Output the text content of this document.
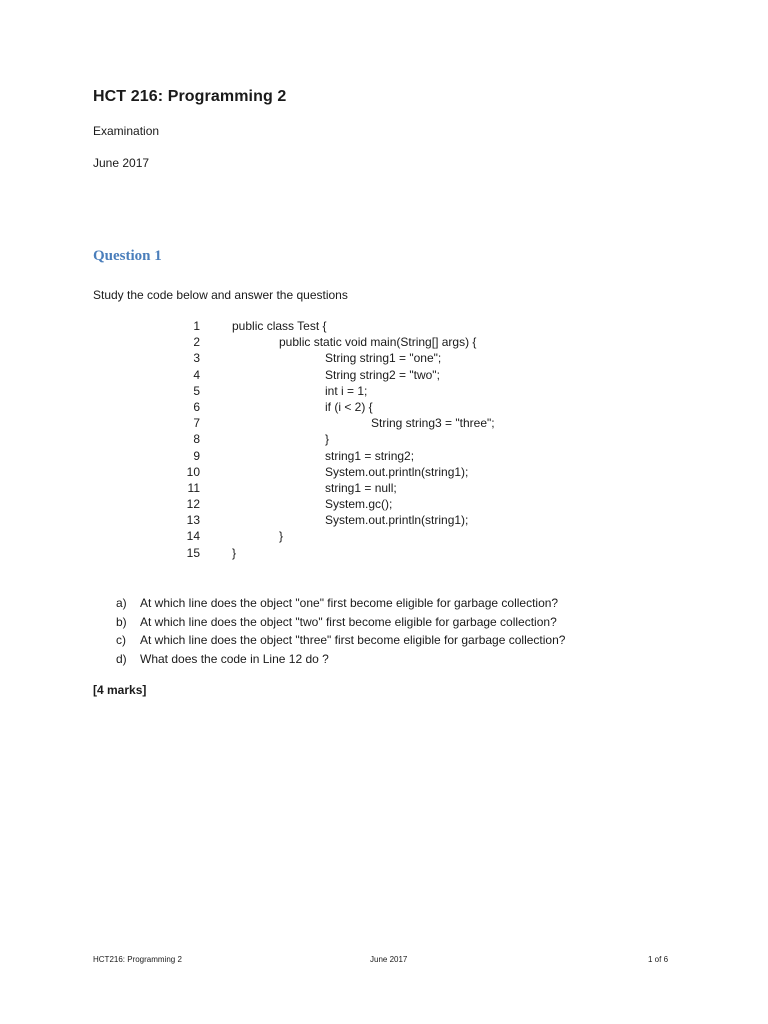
HCT 216: Programming 2
Examination
June 2017
Question 1
Study the code below and answer the questions
1	public class Test {
2	public static void main(String[] args) {
3	String string1 = "one";
4	String string2 = "two";
5	int i = 1;
6	if (i < 2) {
7	String string3 = "three";
8	}
9	string1 = string2;
10	System.out.println(string1);
11	string1 = null;
12	System.gc();
13	System.out.println(string1);
14	}
15	}
a) At which line does the object "one" first become eligible for garbage collection?
b) At which line does the object "two" first become eligible for garbage collection?
c) At which line does the object "three" first become eligible for garbage collection?
d) What does the code in Line 12 do ?
[4 marks]
HCT216: Programming 2	June 2017	1 of 6
